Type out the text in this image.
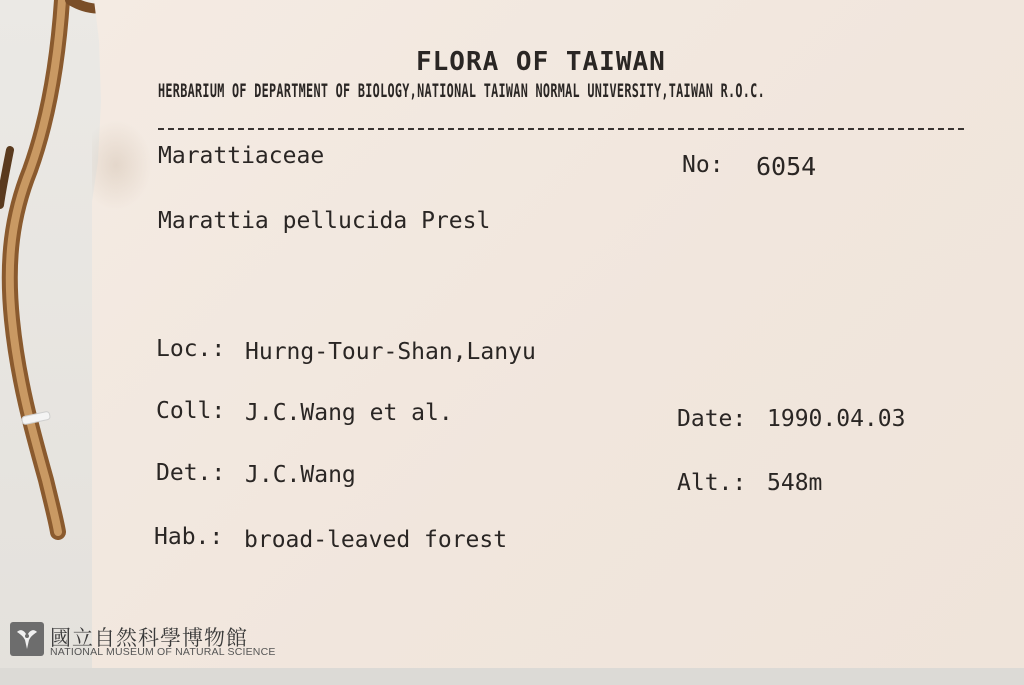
FLORA OF TAIWAN
HERBARIUM OF DEPARTMENT OF BIOLOGY,NATIONAL TAIWAN NORMAL UNIVERSITY,TAIWAN R.O.C.
Marattiaceae	No: 6054
Marattia pellucida Presl
Loc.: Hurng-Tour-Shan,Lanyu
Coll: J.C.Wang et al.	Date: 1990.04.03
Det.: J.C.Wang	Alt.: 548m
Hab.: broad-leaved forest
國立自然科學博物館
NATIONAL MUSEUM OF NATURAL SCIENCE
